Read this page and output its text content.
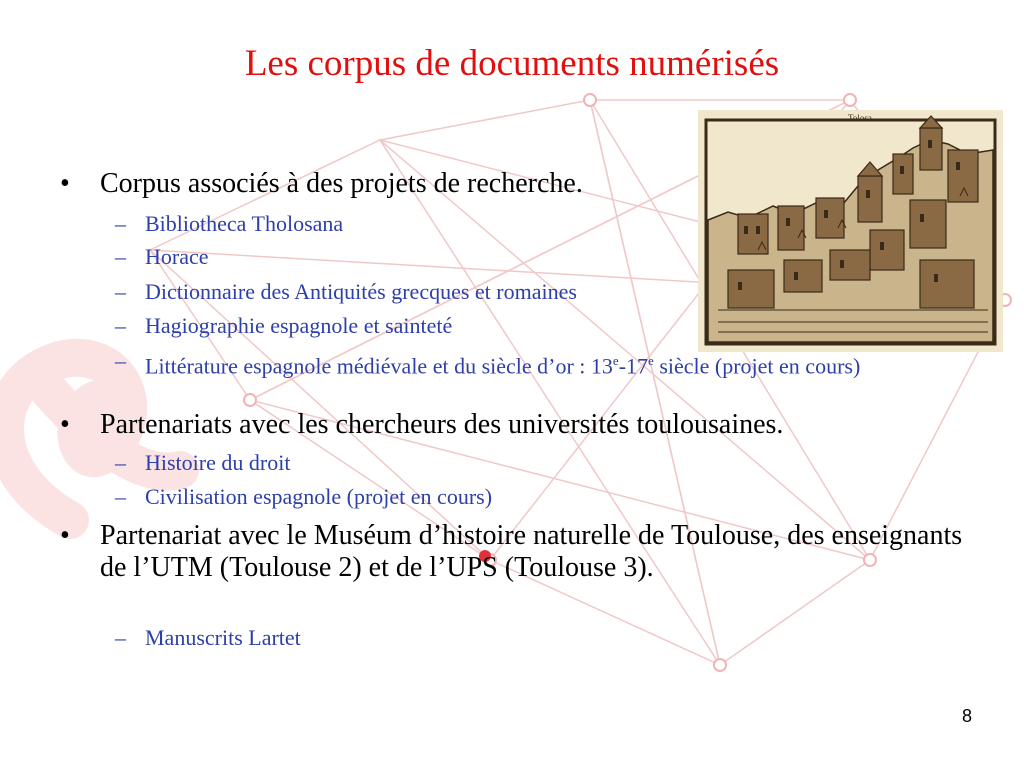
Les corpus de documents numérisés
• Corpus associés à des projets de recherche.
– Bibliotheca Tholosana
– Horace
– Dictionnaire des Antiquités grecques et romaines
– Hagiographie espagnole et sainteté
– Littérature espagnole médiévale et du siècle d’or : 13e-17e siècle (projet en cours)
• Partenariats avec les chercheurs des universités toulousaines.
– Histoire du droit
– Civilisation espagnole (projet en cours)
• Partenariat avec le Muséum d’histoire naturelle de Toulouse, des enseignants de l’UTM (Toulouse 2) et de l’UPS (Toulouse 3).
– Manuscrits Lartet
Tolosa
8
